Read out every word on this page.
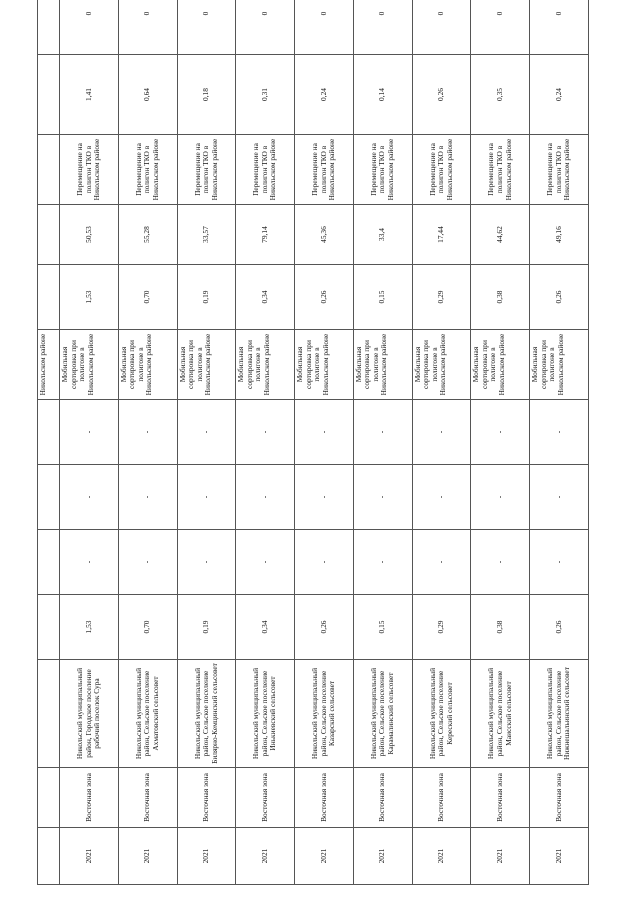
							Никольском районе					
2021	Восточная зона	Никольский муниципальный район, Городское поселение рабочий поселок Сура	1,53	-	-	-	Мобильная сортировка при полигоне в Никольском районе	1,53	50,53	Перемещение на полигон ТКО в Никольском районе	1,41	0
2021	Восточная зона	Никольский муниципальный район, Сельское поселение Ахматовский сельсовет	0,70	-	-	-	Мобильная сортировка при полигоне в Никольском районе	0,70	55,28	Перемещение на полигон ТКО в Никольском районе	0,64	0
2021	Восточная зона	Никольский муниципальный район, Сельское поселение Билярно-Кемцинский сельсовет	0,19	-	-	-	Мобильная сортировка при полигоне в Никольском районе	0,19	33,57	Перемещение на полигон ТКО в Никольском районе	0,18	0
2021	Восточная зона	Никольский муниципальный район, Сельское поселение Инькиевский сельсовет	0,34	-	-	-	Мобильная сортировка при полигоне в Никольском районе	0,34	79,14	Перемещение на полигон ТКО в Никольском районе	0,31	0
2021	Восточная зона	Никольский муниципальный район, Сельское поселение Казарский сельсовет	0,26	-	-	-	Мобильная сортировка при полигоне в Никольском районе	0,26	45,36	Перемещение на полигон ТКО в Никольском районе	0,24	0
2021	Восточная зона	Никольский муниципальный район, Сельское поселение Карамалинский сельсовет	0,15	-	-	-	Мобильная сортировка при полигоне в Никольском районе	0,15	33,4	Перемещение на полигон ТКО в Никольском районе	0,14	0
2021	Восточная зона	Никольский муниципальный район, Сельское поселение Кереский сельсовет	0,29	-	-	-	Мобильная сортировка при полигоне в Никольском районе	0,29	17,44	Перемещение на полигон ТКО в Никольском районе	0,26	0
2021	Восточная зона	Никольский муниципальный район, Сельское поселение Маисский сельсовет	0,38	-	-	-	Мобильная сортировка при полигоне в Никольском районе	0,38	44,62	Перемещение на полигон ТКО в Никольском районе	0,35	0
2021	Восточная зона	Никольский муниципальный район, Сельское поселение Нижнешальинский сельсовет	0,26	-	-	-	Мобильная сортировка при полигоне в Никольском районе	0,26	49,16	Перемещение на полигон ТКО в Никольском районе	0,24	0
